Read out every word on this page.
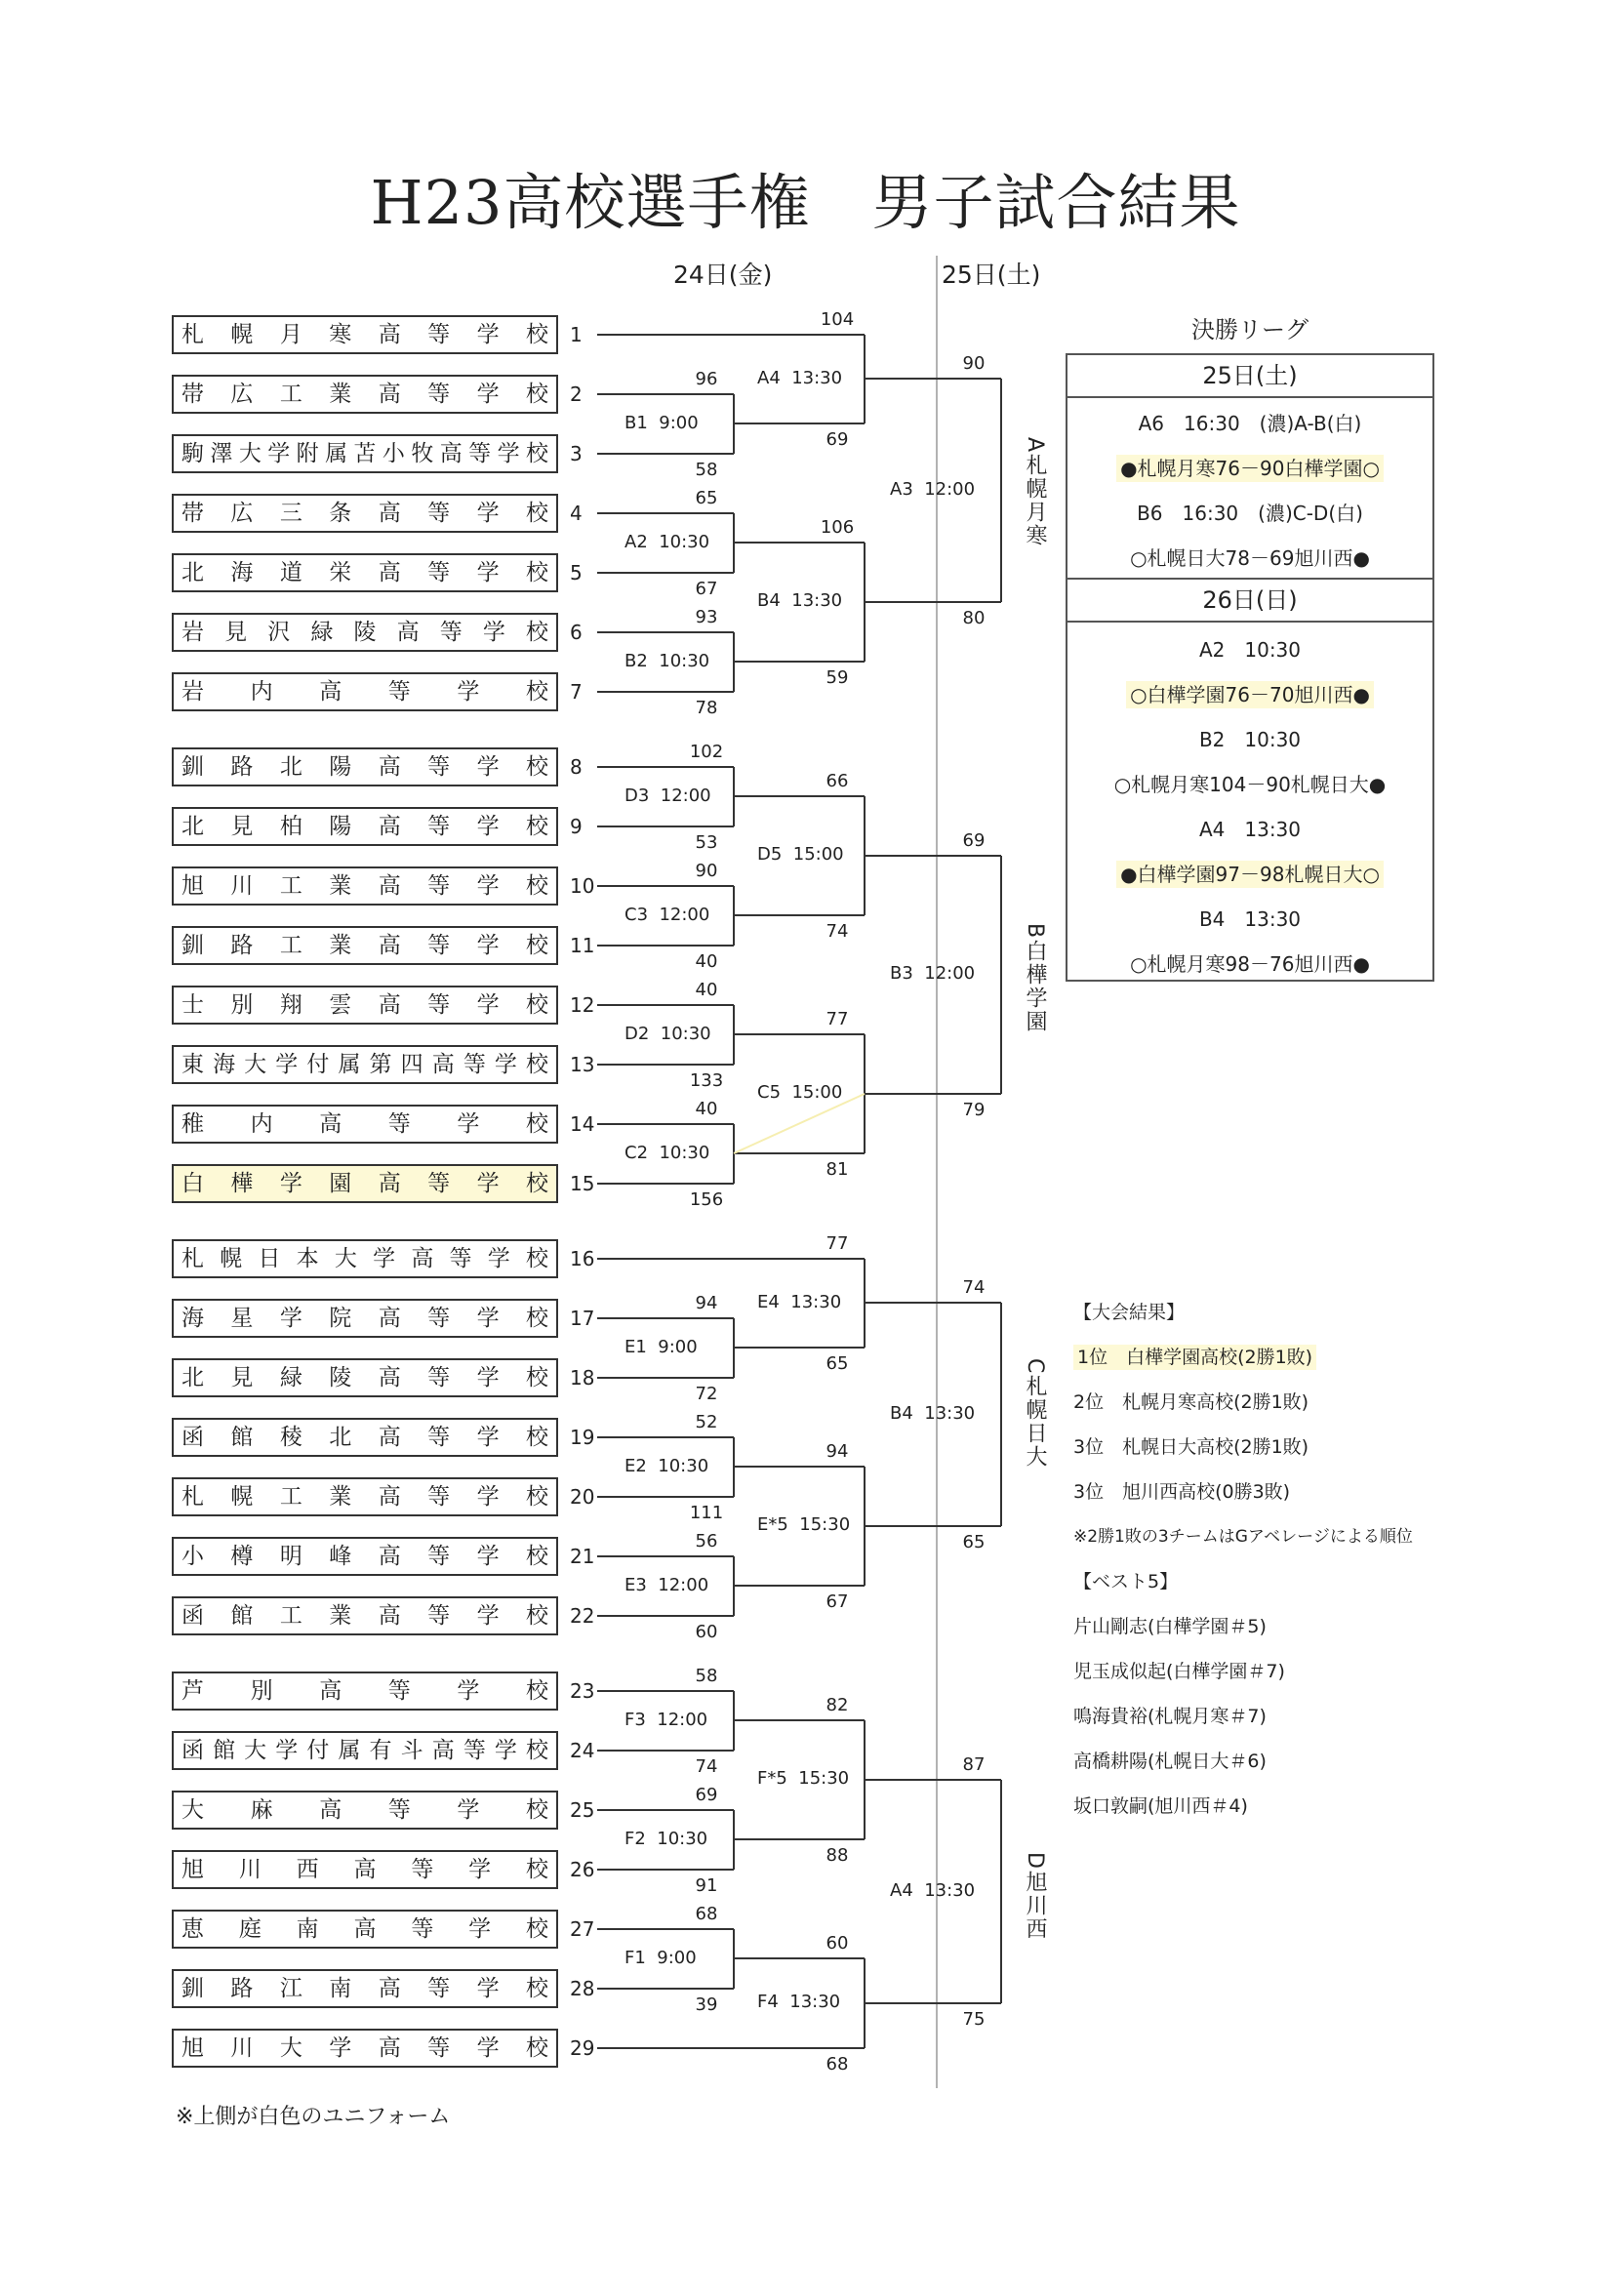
H23高校選手権　男子試合結果
24日(金)	25日(土)
札幌月寒高等学校	1
帯広工業高等学校	2
駒澤大学附属苫小牧高等学校	3
帯広三条高等学校	4
北海道栄高等学校	5
岩見沢緑陵高等学校	6
岩内高等学校	7
釧路北陽高等学校	8
北見柏陽高等学校	9
旭川工業高等学校	10
釧路工業高等学校	11
士別翔雲高等学校	12
東海大学付属第四高等学校	13
稚内高等学校	14
白樺学園高等学校	15
札幌日本大学高等学校	16
海星学院高等学校	17
北見緑陵高等学校	18
函館稜北高等学校	19
札幌工業高等学校	20
小樽明峰高等学校	21
函館工業高等学校	22
芦別高等学校	23
函館大学付属有斗高等学校	24
大麻高等学校	25
旭川西高等学校	26
恵庭南高等学校	27
釧路江南高等学校	28
旭川大学高等学校	29
96
58
B1  9:00
104
69
A4  13:30
65
67
A2  10:30
93
78
B2  10:30
106
59
B4  13:30
90
80
A3  12:00
102
53
D3  12:00
90
40
C3  12:00
66
74
D5  15:00
40
133
D2  10:30
40
156
C2  10:30
77
81
C5  15:00
69
79
B3  12:00
94
72
E1  9:00
77
65
E4  13:30
52
111
E2  10:30
56
60
E3  12:00
94
67
E*5  15:30
74
65
B4  13:30
58
74
F3  12:00
69
91
F2  10:30
82
88
F*5  15:30
68
39
F1  9:00
60
68
F4  13:30
87
75
A4  13:30
A札幌月寒
B白樺学園
C札幌日大
D旭川西
決勝リーグ
25日(土)
A6　16:30　(濃)A-B(白)
●札幌月寒76－90白樺学園○
B6　16:30　(濃)C-D(白)
○札幌日大78－69旭川西●
26日(日)
A2　10:30
○白樺学園76－70旭川西●
B2　10:30
○札幌月寒104－90札幌日大●
A4　13:30
●白樺学園97－98札幌日大○
B4　13:30
○札幌月寒98－76旭川西●
【大会結果】
1位　白樺学園高校(2勝1敗)
2位　札幌月寒高校(2勝1敗)
3位　札幌日大高校(2勝1敗)
3位　旭川西高校(0勝3敗)
※2勝1敗の3チームはGアベレージによる順位
【ベスト5】
片山剛志(白樺学園＃5)
児玉成似起(白樺学園＃7)
鳴海貴裕(札幌月寒＃7)
高橋耕陽(札幌日大＃6)
坂口敦嗣(旭川西＃4)
※上側が白色のユニフォーム
